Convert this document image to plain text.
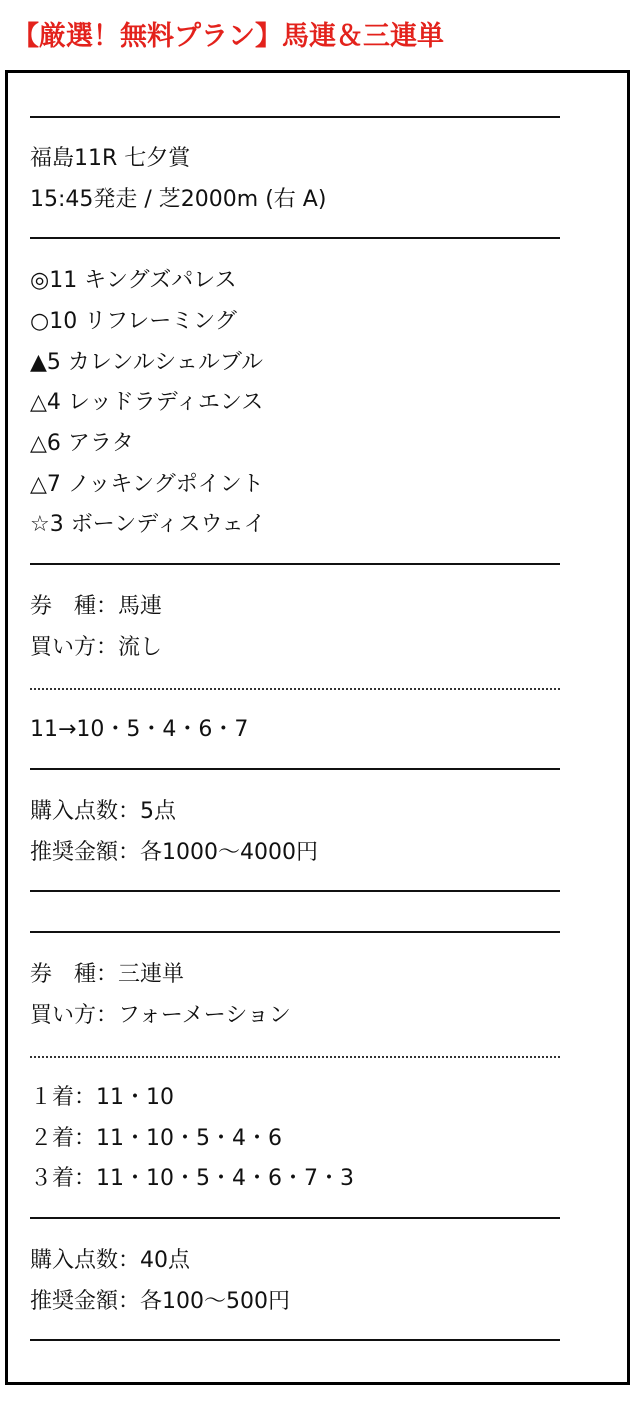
【厳選！無料プラン】馬連＆三連単
福島11R 七夕賞
15:45発走 / 芝2000m (右 A)
◎11 キングズパレス
○10 リフレーミング
▲5 カレンルシェルブル
△4 レッドラディエンス
△6 アラタ
△7 ノッキングポイント
☆3 ボーンディスウェイ
券　種：馬連
買い方：流し
11→10・5・4・6・7
購入点数：5点
推奨金額：各1000〜4000円
券　種：三連単
買い方：フォーメーション
１着：11・10
２着：11・10・5・4・6
３着：11・10・5・4・6・7・3
購入点数：40点
推奨金額：各100〜500円
